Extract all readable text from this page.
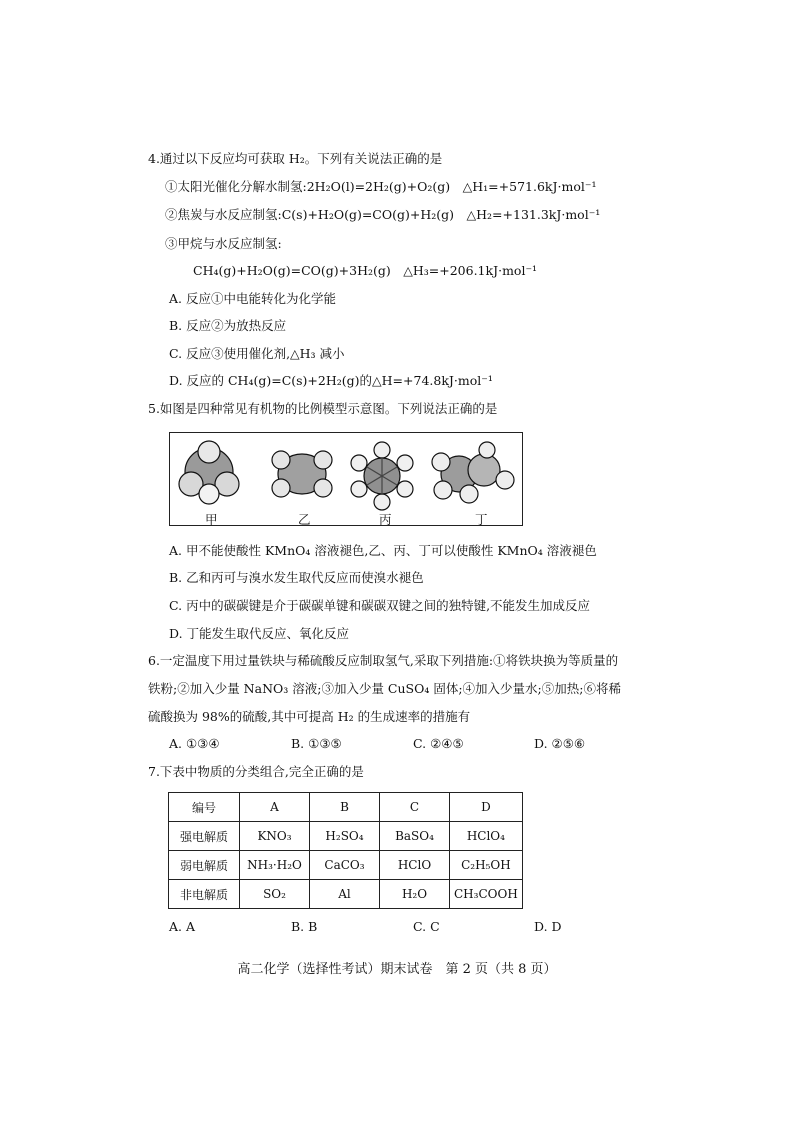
4.通过以下反应均可获取 H₂。下列有关说法正确的是
①太阳光催化分解水制氢:2H₂O(l)=2H₂(g)+O₂(g)　△H₁=+571.6kJ·mol⁻¹
②焦炭与水反应制氢:C(s)+H₂O(g)=CO(g)+H₂(g)　△H₂=+131.3kJ·mol⁻¹
③甲烷与水反应制氢:
CH₄(g)+H₂O(g)=CO(g)+3H₂(g)　△H₃=+206.1kJ·mol⁻¹
A. 反应①中电能转化为化学能
B. 反应②为放热反应
C. 反应③使用催化剂,△H₃ 减小
D. 反应的 CH₄(g)=C(s)+2H₂(g)的△H=+74.8kJ·mol⁻¹
5.如图是四种常见有机物的比例模型示意图。下列说法正确的是
甲	乙	丙	丁
A. 甲不能使酸性 KMnO₄ 溶液褪色,乙、丙、丁可以使酸性 KMnO₄ 溶液褪色
B. 乙和丙可与溴水发生取代反应而使溴水褪色
C. 丙中的碳碳键是介于碳碳单键和碳碳双键之间的独特键,不能发生加成反应
D. 丁能发生取代反应、氧化反应
6.一定温度下用过量铁块与稀硫酸反应制取氢气,采取下列措施:①将铁块换为等质量的
铁粉;②加入少量 NaNO₃ 溶液;③加入少量 CuSO₄ 固体;④加入少量水;⑤加热;⑥将稀
硫酸换为 98%的硫酸,其中可提高 H₂ 的生成速率的措施有
A. ①③④	B. ①③⑤	C. ②④⑤	D. ②⑤⑥
7.下表中物质的分类组合,完全正确的是
编号	A	B	C	D
强电解质	KNO₃	H₂SO₄	BaSO₄	HClO₄
弱电解质	NH₃·H₂O	CaCO₃	HClO	C₂H₅OH
非电解质	SO₂	Al	H₂O	CH₃COOH
A. A	B. B	C. C	D. D
高二化学（选择性考试）期末试卷　第 2 页（共 8 页）
